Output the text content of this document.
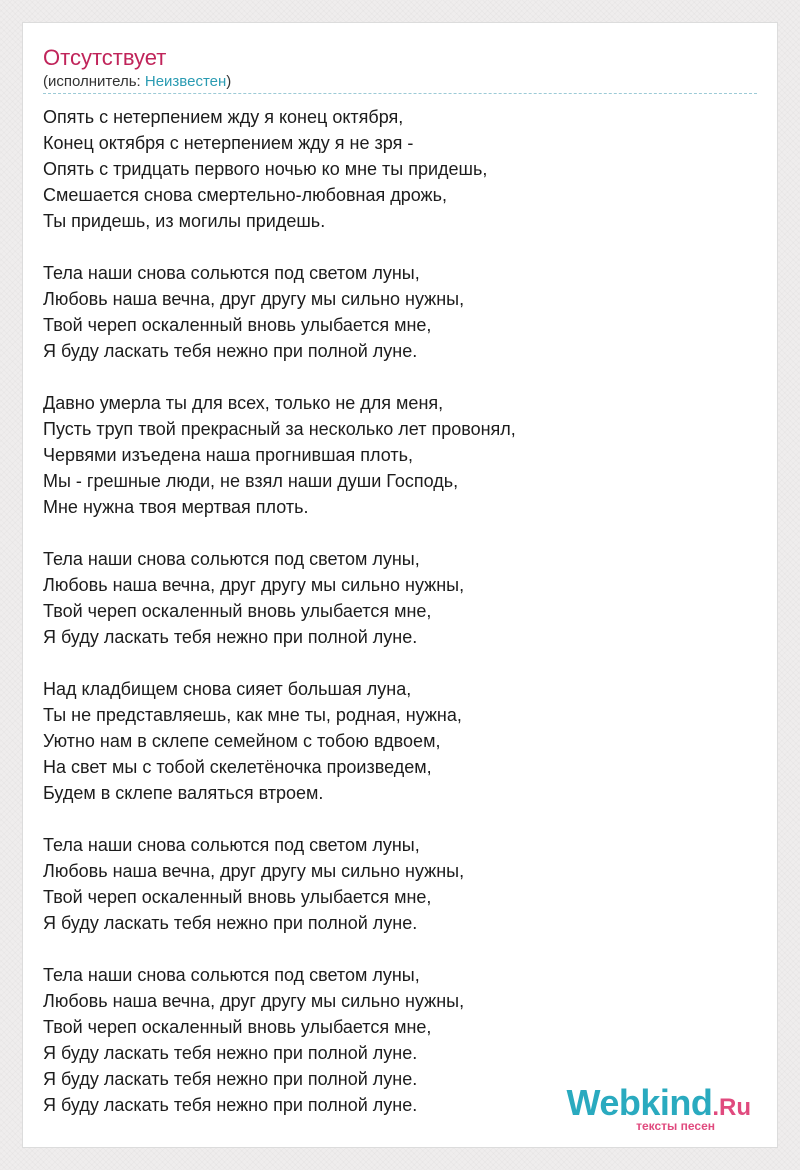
Отсутствует
(исполнитель: Неизвестен)
Опять с нетерпением жду я конец октября,
Конец октября с нетерпением жду я не зря -
Опять с тридцать первого ночью ко мне ты придешь,
Смешается снова смертельно-любовная дрожь,
Ты придешь, из могилы придешь.
Тела наши снова сольются под светом луны,
Любовь наша вечна, друг другу мы сильно нужны,
Твой череп оскаленный вновь улыбается мне,
Я буду ласкать тебя нежно при полной луне.
Давно умерла ты для всех, только не для меня,
Пусть труп твой прекрасный за несколько лет провонял,
Червями изъедена наша прогнившая плоть,
Мы - грешные люди, не взял наши души Господь,
Мне нужна твоя мертвая плоть.
Тела наши снова сольются под светом луны,
Любовь наша вечна, друг другу мы сильно нужны,
Твой череп оскаленный вновь улыбается мне,
Я буду ласкать тебя нежно при полной луне.
Над кладбищем снова сияет большая луна,
Ты не представляешь, как мне ты, родная, нужна,
Уютно нам в склепе семейном с тобою вдвоем,
На свет мы с тобой скелетёночка произведем,
Будем в склепе валяться втроем.
Тела наши снова сольются под светом луны,
Любовь наша вечна, друг другу мы сильно нужны,
Твой череп оскаленный вновь улыбается мне,
Я буду ласкать тебя нежно при полной луне.
Тела наши снова сольются под светом луны,
Любовь наша вечна, друг другу мы сильно нужны,
Твой череп оскаленный вновь улыбается мне,
Я буду ласкать тебя нежно при полной луне.
Я буду ласкать тебя нежно при полной луне.
Я буду ласкать тебя нежно при полной луне.	Webkind.Ru
тексты песен
